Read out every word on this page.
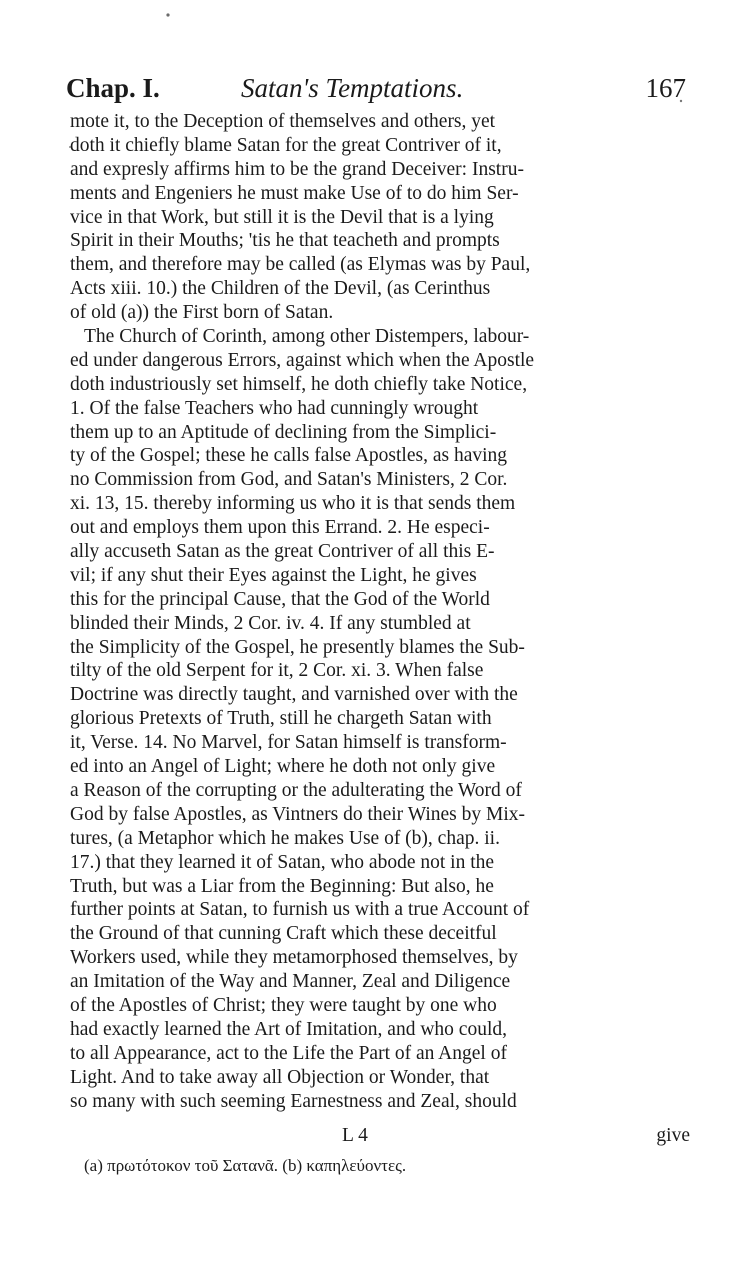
Chap. I.	Satan's Temptations.	167
mote it, to the Deception of themselves and others, yet
doth it chiefly blame Satan for the great Contriver of it,
and expresly affirms him to be the grand Deceiver: Instru-
ments and Engeniers he must make Use of to do him Ser-
vice in that Work, but still it is the Devil that is a lying
Spirit in their Mouths; 'tis he that teacheth and prompts
them, and therefore may be called (as Elymas was by Paul,
Acts xiii. 10.) the Children of the Devil, (as Cerinthus
of old (a)) the First born of Satan.
The Church of Corinth, among other Distempers, labour-
ed under dangerous Errors, against which when the Apostle
doth industriously set himself, he doth chiefly take Notice,
1. Of the false Teachers who had cunningly wrought
them up to an Aptitude of declining from the Simplici-
ty of the Gospel; these he calls false Apostles, as having
no Commission from God, and Satan's Ministers, 2 Cor.
xi. 13, 15. thereby informing us who it is that sends them
out and employs them upon this Errand. 2. He especi-
ally accuseth Satan as the great Contriver of all this E-
vil; if any shut their Eyes against the Light, he gives
this for the principal Cause, that the God of the World
blinded their Minds, 2 Cor. iv. 4. If any stumbled at
the Simplicity of the Gospel, he presently blames the Sub-
tilty of the old Serpent for it, 2 Cor. xi. 3. When false
Doctrine was directly taught, and varnished over with the
glorious Pretexts of Truth, still he chargeth Satan with
it, Verse. 14. No Marvel, for Satan himself is transform-
ed into an Angel of Light; where he doth not only give
a Reason of the corrupting or the adulterating the Word of
God by false Apostles, as Vintners do their Wines by Mix-
tures, (a Metaphor which he makes Use of (b), chap. ii.
17.) that they learned it of Satan, who abode not in the
Truth, but was a Liar from the Beginning: But also, he
further points at Satan, to furnish us with a true Account of
the Ground of that cunning Craft which these deceitful
Workers used, while they metamorphosed themselves, by
an Imitation of the Way and Manner, Zeal and Diligence
of the Apostles of Christ; they were taught by one who
had exactly learned the Art of Imitation, and who could,
to all Appearance, act to the Life the Part of an Angel of
Light. And to take away all Objection or Wonder, that
so many with such seeming Earnestness and Zeal, should
L 4	give
(a) πρωτότοκον τοῦ Σατανᾶ. (b) καπηλεύοντες.
